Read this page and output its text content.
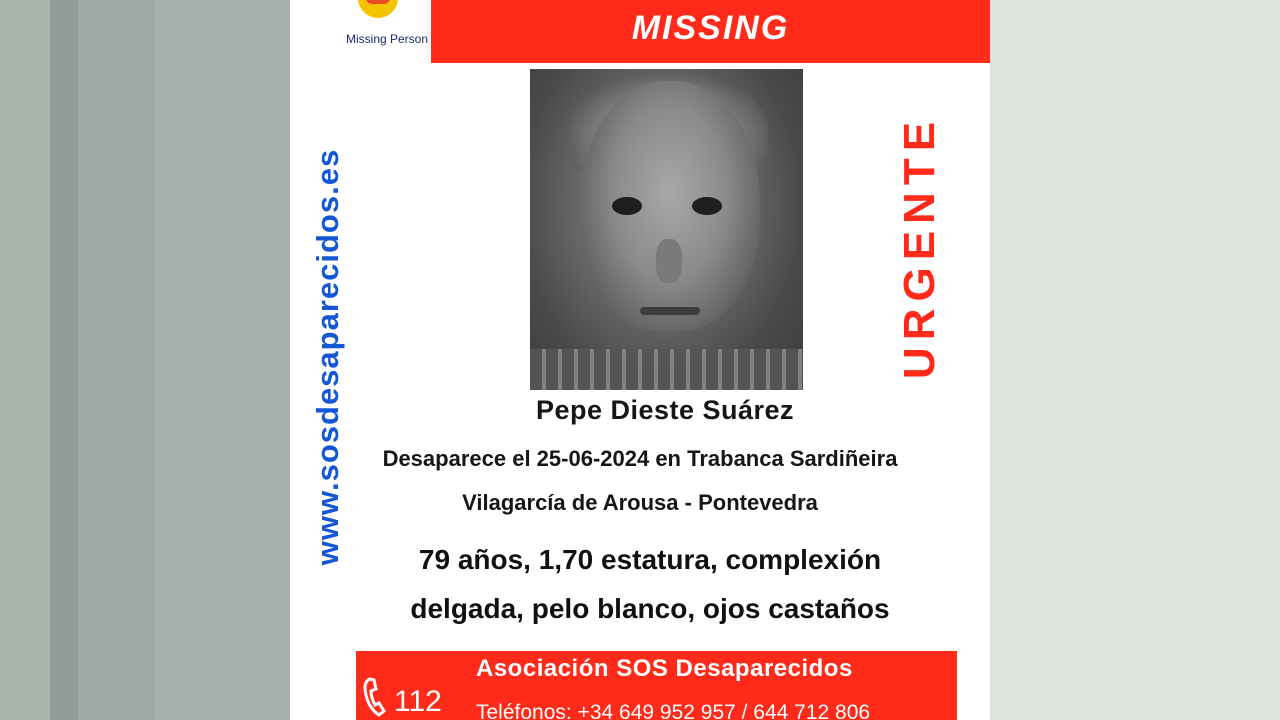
Missing Person	MISSING
www.sosdesaparecidos.es	URGENTE
Pepe Dieste Suárez
Desaparece el 25-06-2024 en Trabanca Sardiñeira
Vilagarcía de Arousa - Pontevedra
79 años, 1,70 estatura, complexión
delgada, pelo blanco, ojos castaños
112
Asociación SOS Desaparecidos
Teléfonos: +34 649 952 957 / 644 712 806
